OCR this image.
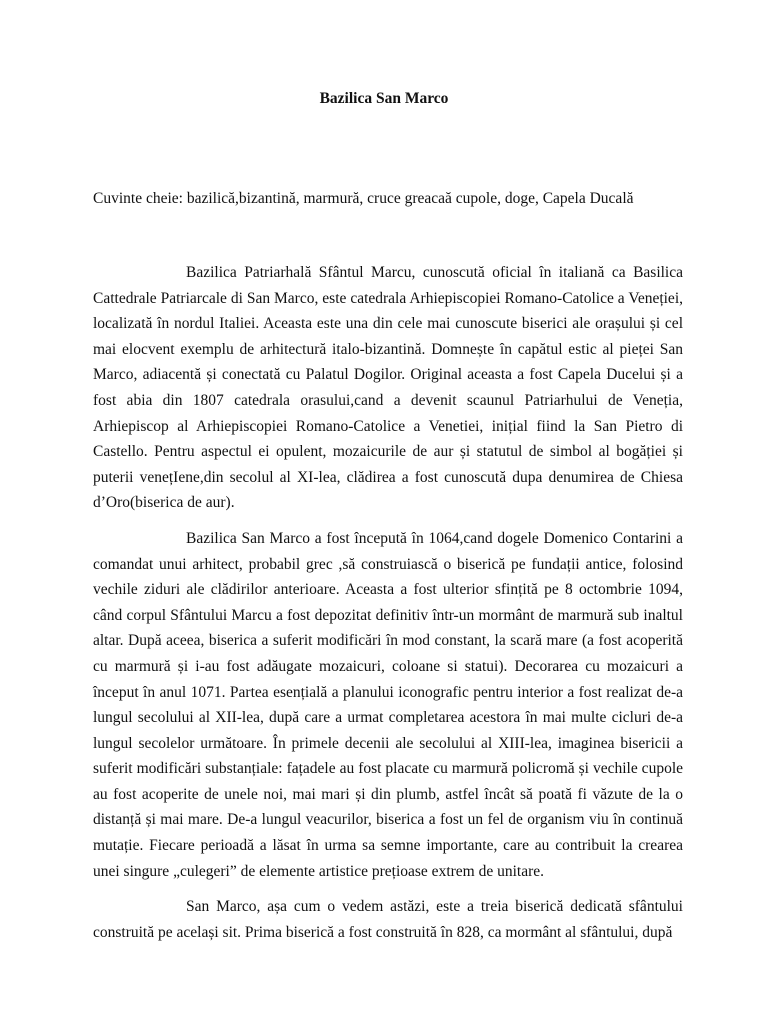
Bazilica San Marco
Cuvinte cheie: bazilică,bizantină, marmură, cruce greacaă cupole, doge, Capela Ducală

Bazilica Patriarhală Sfântul Marcu, cunoscută oficial în italiană ca Basilica Cattedrale Patriarcale di San Marco, este catedrala Arhiepiscopiei Romano-Catolice a Veneției, localizată în nordul Italiei. Aceasta este una din cele mai cunoscute biserici ale orașului și cel mai elocvent exemplu de arhitectură italo-bizantină. Domnește în capătul estic al pieței San Marco, adiacentă și conectată cu Palatul Dogilor. Original aceasta a fost Capela Ducelui și a fost abia din 1807 catedrala orasului,cand a devenit scaunul Patriarhului de Veneția, Arhiepiscop al Arhiepiscopiei Romano-Catolice a Venetiei, inițial fiind la San Pietro di Castello. Pentru aspectul ei opulent, mozaicurile de aur și statutul de simbol al bogăției și puterii venețIene,din secolul al XI-lea, clădirea a fost cunoscută dupa denumirea de Chiesa d’Oro(biserica de aur).

Bazilica San Marco a fost începută în 1064,cand dogele Domenico Contarini a comandat unui arhitect, probabil grec ,să construiască o biserică pe fundații antice, folosind vechile ziduri ale clădirilor anterioare. Aceasta a fost ulterior sfințită pe 8 octombrie 1094, când corpul Sfântului Marcu a fost depozitat definitiv într-un mormânt de marmură sub inaltul altar. După aceea, biserica a suferit modificări în mod constant, la scară mare (a fost acoperită cu marmură și i-au fost adăugate mozaicuri, coloane si statui). Decorarea cu mozaicuri a început în anul 1071. Partea esențială a planului iconografic pentru interior a fost realizat de-a lungul secolului al XII-lea, după care a urmat completarea acestora în mai multe cicluri de-a lungul secolelor următoare. În primele decenii ale secolului al XIII-lea, imaginea bisericii a suferit modificări substanțiale: fațadele au fost placate cu marmură policromă și vechile cupole au fost acoperite de unele noi, mai mari și din plumb, astfel încât să poată fi văzute de la o distanță și mai mare. De-a lungul veacurilor, biserica a fost un fel de organism viu în continuă mutație. Fiecare perioadă a lăsat în urma sa semne importante, care au contribuit la crearea unei singure „culegeri” de elemente artistice prețioase extrem de unitare.

San Marco, așa cum o vedem astăzi, este a treia biserică dedicată sfântului construită pe același sit. Prima biserică a fost construită în 828, ca mormânt al sfântului, după
